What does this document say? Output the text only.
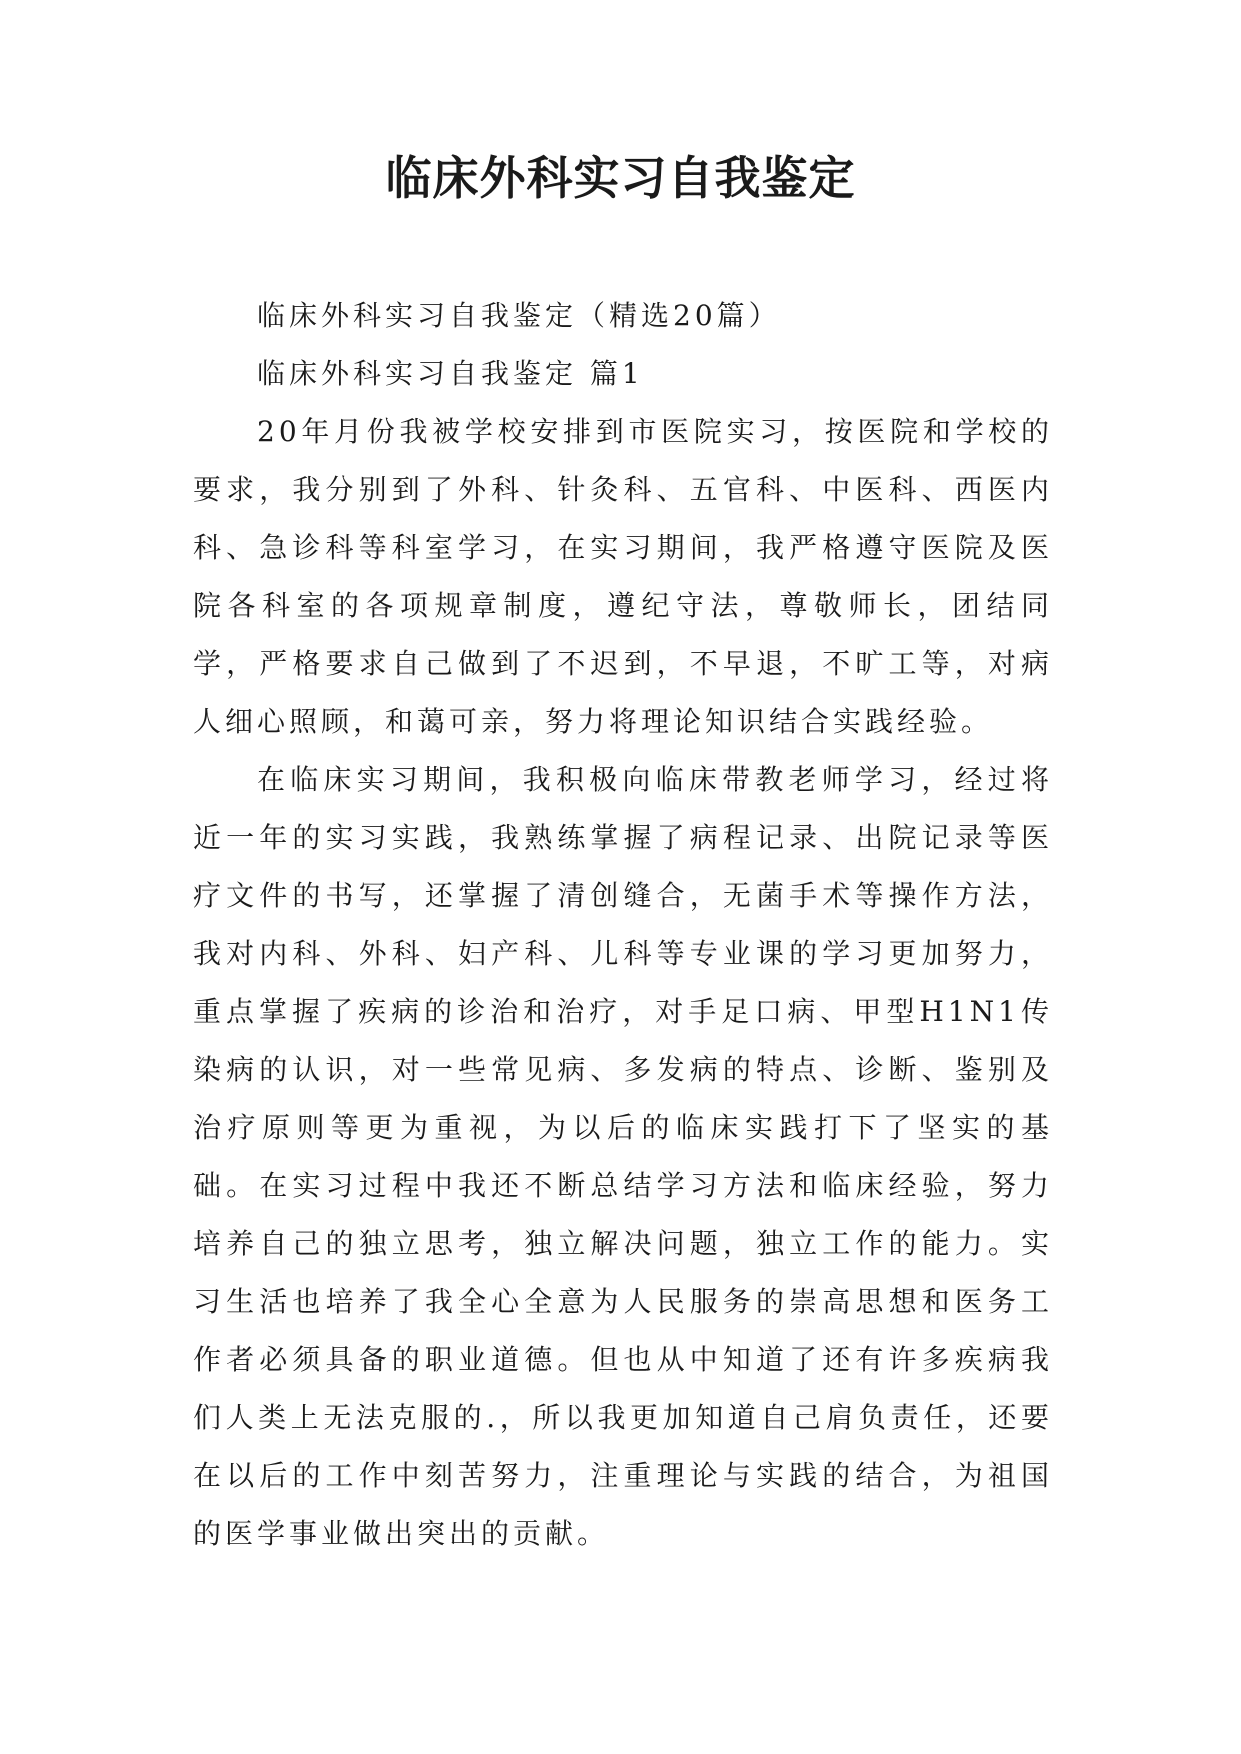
临床外科实习自我鉴定

临床外科实习自我鉴定（精选20篇）

临床外科实习自我鉴定 篇1

20年月份我被学校安排到市医院实习，按医院和学校的要求，我分别到了外科、针灸科、五官科、中医科、西医内科、急诊科等科室学习，在实习期间，我严格遵守医院及医院各科室的各项规章制度，遵纪守法，尊敬师长，团结同学，严格要求自己做到了不迟到，不早退，不旷工等，对病人细心照顾，和蔼可亲，努力将理论知识结合实践经验。

在临床实习期间，我积极向临床带教老师学习，经过将近一年的实习实践，我熟练掌握了病程记录、出院记录等医疗文件的书写，还掌握了清创缝合，无菌手术等操作方法，我对内科、外科、妇产科、儿科等专业课的学习更加努力，重点掌握了疾病的诊治和治疗，对手足口病、甲型H1N1传染病的认识，对一些常见病、多发病的特点、诊断、鉴别及治疗原则等更为重视，为以后的临床实践打下了坚实的基础。在实习过程中我还不断总结学习方法和临床经验，努力培养自己的独立思考，独立解决问题，独立工作的能力。实习生活也培养了我全心全意为人民服务的崇高思想和医务工作者必须具备的职业道德。但也从中知道了还有许多疾病我们人类上无法克服的.，所以我更加知道自己肩负责任，还要在以后的工作中刻苦努力，注重理论与实践的结合，为祖国的医学事业做出突出的贡献。
